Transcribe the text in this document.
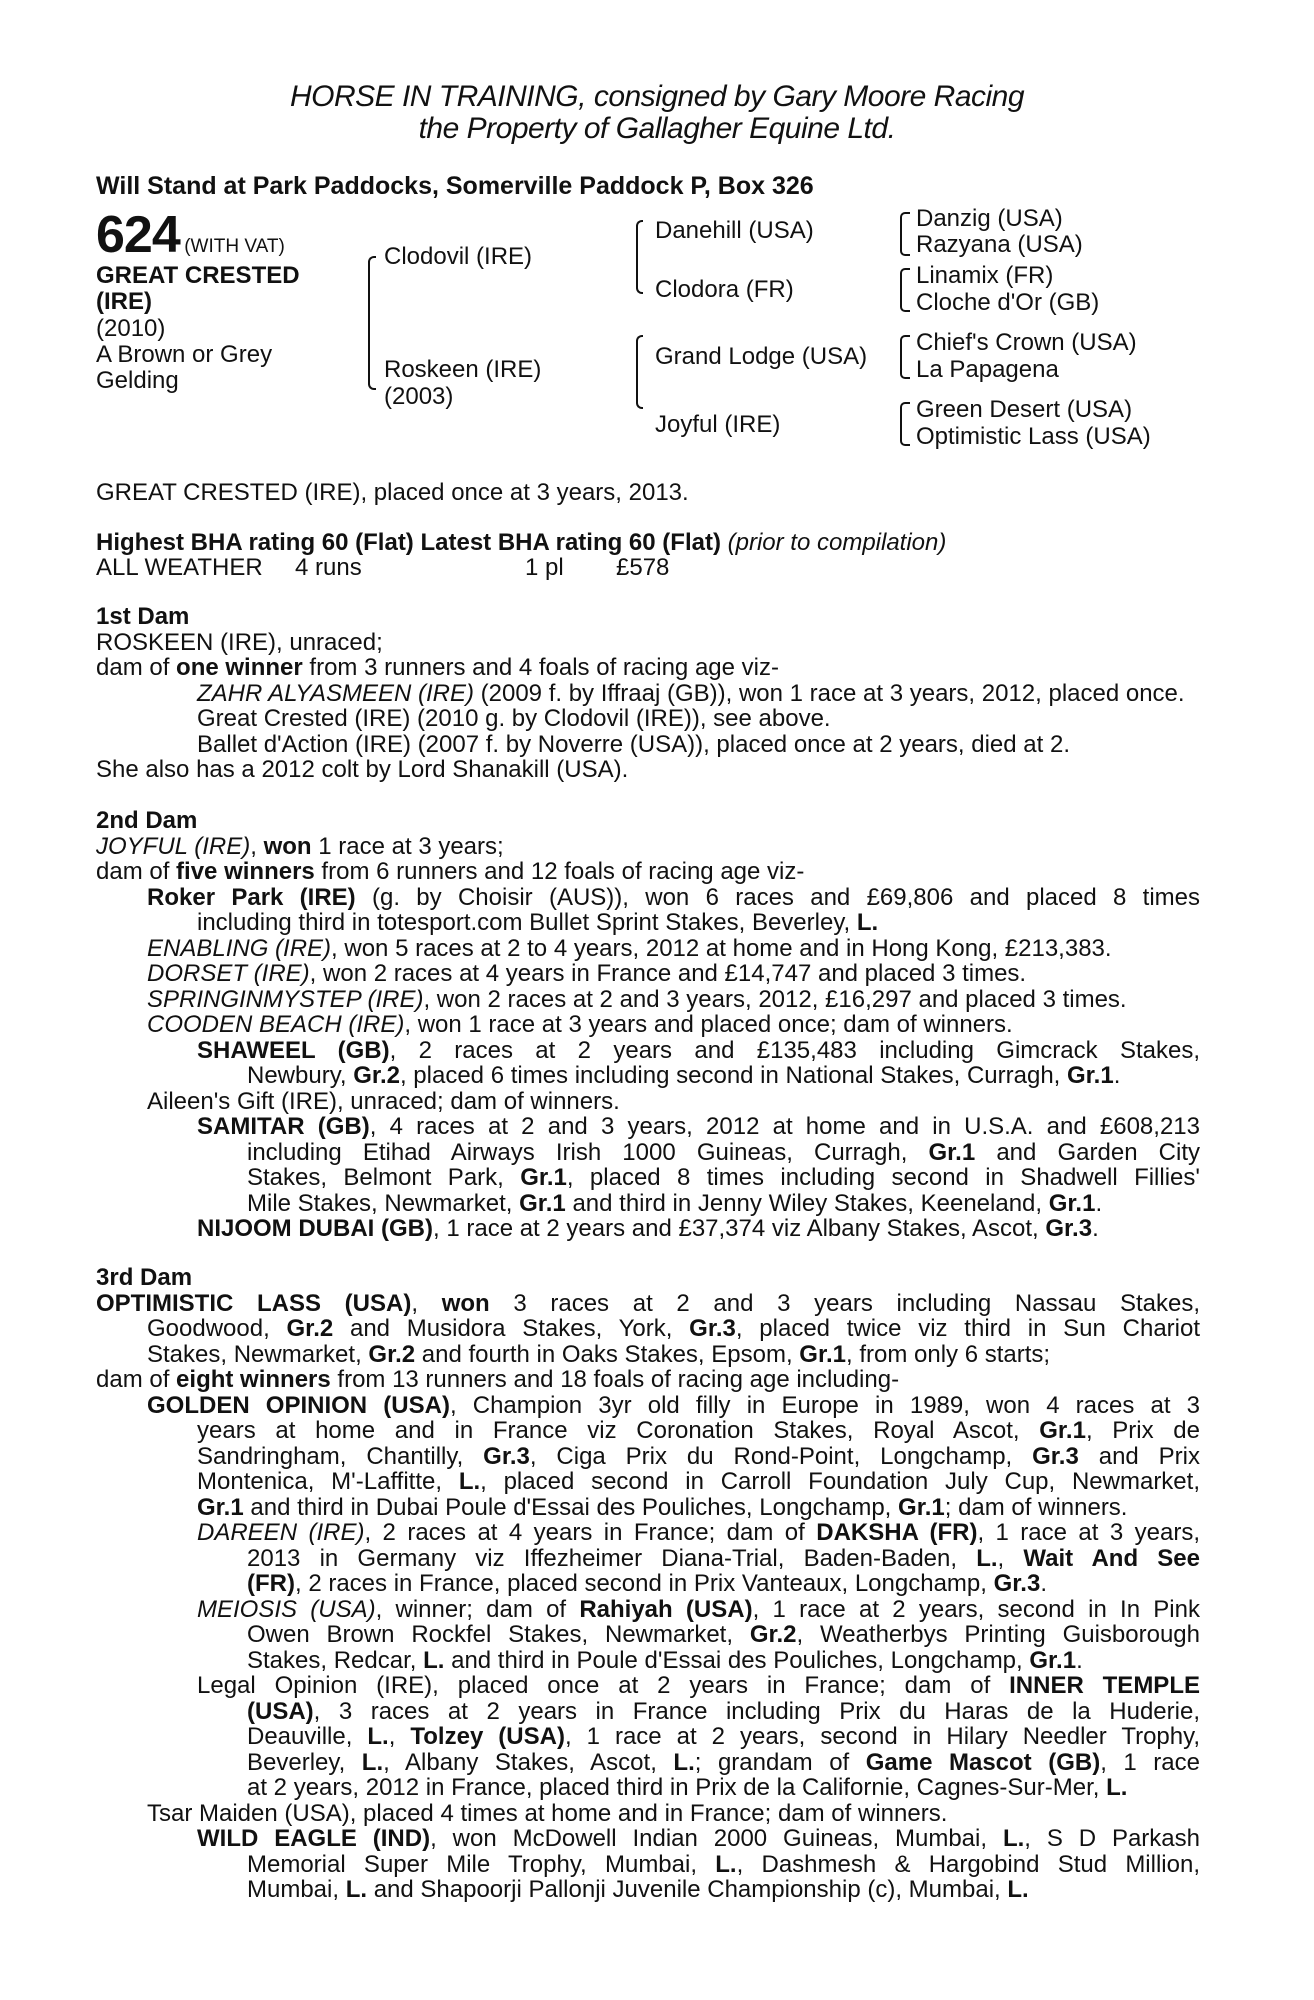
HORSE IN TRAINING, consigned by Gary Moore Racing
the Property of Gallagher Equine Ltd.
Will Stand at Park Paddocks, Somerville Paddock P, Box 326
624 (WITH VAT)
GREAT CRESTED
(IRE)
(2010)
A Brown or Grey
Gelding
Clodovil (IRE)
Roskeen (IRE)
(2003)
Danehill (USA)
Clodora (FR)
Grand Lodge (USA)
Joyful (IRE)
Danzig (USA)
Razyana (USA)
Linamix (FR)
Cloche d'Or (GB)
Chief's Crown (USA)
La Papagena
Green Desert (USA)
Optimistic Lass (USA)
GREAT CRESTED (IRE), placed once at 3 years, 2013.
Highest BHA rating 60 (Flat) Latest BHA rating 60 (Flat) (prior to compilation)
ALL WEATHER 4 runs	1 pl £578
1st Dam
ROSKEEN (IRE), unraced;
dam of one winner from 3 runners and 4 foals of racing age viz-
ZAHR ALYASMEEN (IRE) (2009 f. by Iffraaj (GB)), won 1 race at 3 years, 2012, placed once.
Great Crested (IRE) (2010 g. by Clodovil (IRE)), see above.
Ballet d'Action (IRE) (2007 f. by Noverre (USA)), placed once at 2 years, died at 2.
She also has a 2012 colt by Lord Shanakill (USA).
2nd Dam
JOYFUL (IRE), won 1 race at 3 years;
dam of five winners from 6 runners and 12 foals of racing age viz-
Roker Park (IRE) (g. by Choisir (AUS)), won 6 races and £69,806 and placed 8 times
including third in totesport.com Bullet Sprint Stakes, Beverley, L.
ENABLING (IRE), won 5 races at 2 to 4 years, 2012 at home and in Hong Kong, £213,383.
DORSET (IRE), won 2 races at 4 years in France and £14,747 and placed 3 times.
SPRINGINMYSTEP (IRE), won 2 races at 2 and 3 years, 2012, £16,297 and placed 3 times.
COODEN BEACH (IRE), won 1 race at 3 years and placed once; dam of winners.
SHAWEEL (GB), 2 races at 2 years and £135,483 including Gimcrack Stakes,
Newbury, Gr.2, placed 6 times including second in National Stakes, Curragh, Gr.1.
Aileen's Gift (IRE), unraced; dam of winners.
SAMITAR (GB), 4 races at 2 and 3 years, 2012 at home and in U.S.A. and £608,213
including Etihad Airways Irish 1000 Guineas, Curragh, Gr.1 and Garden City
Stakes, Belmont Park, Gr.1, placed 8 times including second in Shadwell Fillies'
Mile Stakes, Newmarket, Gr.1 and third in Jenny Wiley Stakes, Keeneland, Gr.1.
NIJOOM DUBAI (GB), 1 race at 2 years and £37,374 viz Albany Stakes, Ascot, Gr.3.
3rd Dam
OPTIMISTIC LASS (USA), won 3 races at 2 and 3 years including Nassau Stakes,
Goodwood, Gr.2 and Musidora Stakes, York, Gr.3, placed twice viz third in Sun Chariot
Stakes, Newmarket, Gr.2 and fourth in Oaks Stakes, Epsom, Gr.1, from only 6 starts;
dam of eight winners from 13 runners and 18 foals of racing age including-
GOLDEN OPINION (USA), Champion 3yr old filly in Europe in 1989, won 4 races at 3
years at home and in France viz Coronation Stakes, Royal Ascot, Gr.1, Prix de
Sandringham, Chantilly, Gr.3, Ciga Prix du Rond-Point, Longchamp, Gr.3 and Prix
Montenica, M'-Laffitte, L., placed second in Carroll Foundation July Cup, Newmarket,
Gr.1 and third in Dubai Poule d'Essai des Pouliches, Longchamp, Gr.1; dam of winners.
DAREEN (IRE), 2 races at 4 years in France; dam of DAKSHA (FR), 1 race at 3 years,
2013 in Germany viz Iffezheimer Diana-Trial, Baden-Baden, L., Wait And See
(FR), 2 races in France, placed second in Prix Vanteaux, Longchamp, Gr.3.
MEIOSIS (USA), winner; dam of Rahiyah (USA), 1 race at 2 years, second in In Pink
Owen Brown Rockfel Stakes, Newmarket, Gr.2, Weatherbys Printing Guisborough
Stakes, Redcar, L. and third in Poule d'Essai des Pouliches, Longchamp, Gr.1.
Legal Opinion (IRE), placed once at 2 years in France; dam of INNER TEMPLE
(USA), 3 races at 2 years in France including Prix du Haras de la Huderie,
Deauville, L., Tolzey (USA), 1 race at 2 years, second in Hilary Needler Trophy,
Beverley, L., Albany Stakes, Ascot, L.; grandam of Game Mascot (GB), 1 race
at 2 years, 2012 in France, placed third in Prix de la Californie, Cagnes-Sur-Mer, L.
Tsar Maiden (USA), placed 4 times at home and in France; dam of winners.
WILD EAGLE (IND), won McDowell Indian 2000 Guineas, Mumbai, L., S D Parkash
Memorial Super Mile Trophy, Mumbai, L., Dashmesh & Hargobind Stud Million,
Mumbai, L. and Shapoorji Pallonji Juvenile Championship (c), Mumbai, L.
